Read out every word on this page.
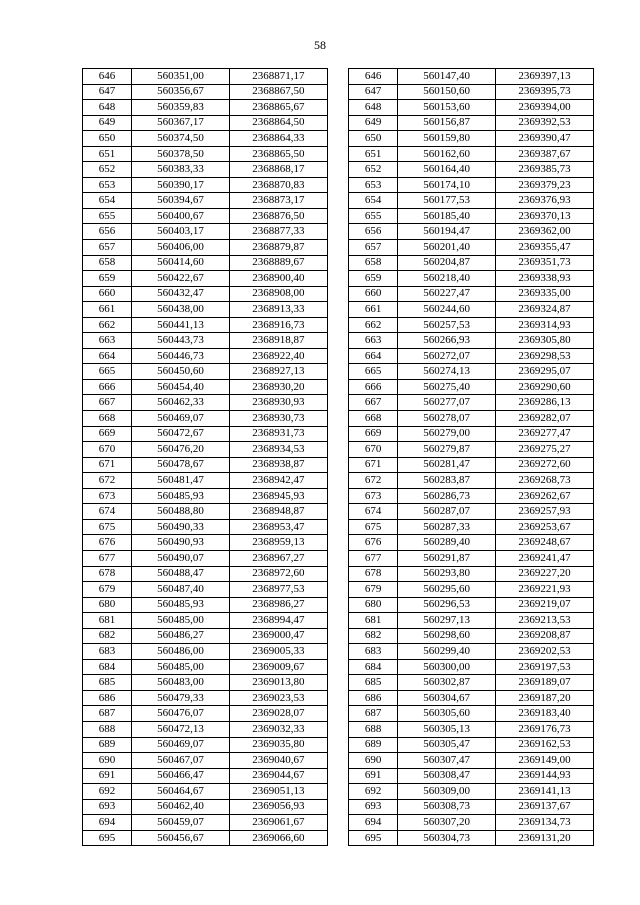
58
646	560351,00	2368871,17		646	560147,40	2369397,13
647	560356,67	2368867,50		647	560150,60	2369395,73
648	560359,83	2368865,67		648	560153,60	2369394,00
649	560367,17	2368864,50		649	560156,87	2369392,53
650	560374,50	2368864,33		650	560159,80	2369390,47
651	560378,50	2368865,50		651	560162,60	2369387,67
652	560383,33	2368868,17		652	560164,40	2369385,73
653	560390,17	2368870,83		653	560174,10	2369379,23
654	560394,67	2368873,17		654	560177,53	2369376,93
655	560400,67	2368876,50		655	560185,40	2369370,13
656	560403,17	2368877,33		656	560194,47	2369362,00
657	560406,00	2368879,87		657	560201,40	2369355,47
658	560414,60	2368889,67		658	560204,87	2369351,73
659	560422,67	2368900,40		659	560218,40	2369338,93
660	560432,47	2368908,00		660	560227,47	2369335,00
661	560438,00	2368913,33		661	560244,60	2369324,87
662	560441,13	2368916,73		662	560257,53	2369314,93
663	560443,73	2368918,87		663	560266,93	2369305,80
664	560446,73	2368922,40		664	560272,07	2369298,53
665	560450,60	2368927,13		665	560274,13	2369295,07
666	560454,40	2368930,20		666	560275,40	2369290,60
667	560462,33	2368930,93		667	560277,07	2369286,13
668	560469,07	2368930,73		668	560278,07	2369282,07
669	560472,67	2368931,73		669	560279,00	2369277,47
670	560476,20	2368934,53		670	560279,87	2369275,27
671	560478,67	2368938,87		671	560281,47	2369272,60
672	560481,47	2368942,47		672	560283,87	2369268,73
673	560485,93	2368945,93		673	560286,73	2369262,67
674	560488,80	2368948,87		674	560287,07	2369257,93
675	560490,33	2368953,47		675	560287,33	2369253,67
676	560490,93	2368959,13		676	560289,40	2369248,67
677	560490,07	2368967,27		677	560291,87	2369241,47
678	560488,47	2368972,60		678	560293,80	2369227,20
679	560487,40	2368977,53		679	560295,60	2369221,93
680	560485,93	2368986,27		680	560296,53	2369219,07
681	560485,00	2368994,47		681	560297,13	2369213,53
682	560486,27	2369000,47		682	560298,60	2369208,87
683	560486,00	2369005,33		683	560299,40	2369202,53
684	560485,00	2369009,67		684	560300,00	2369197,53
685	560483,00	2369013,80		685	560302,87	2369189,07
686	560479,33	2369023,53		686	560304,67	2369187,20
687	560476,07	2369028,07		687	560305,60	2369183,40
688	560472,13	2369032,33		688	560305,13	2369176,73
689	560469,07	2369035,80		689	560305,47	2369162,53
690	560467,07	2369040,67		690	560307,47	2369149,00
691	560466,47	2369044,67		691	560308,47	2369144,93
692	560464,67	2369051,13		692	560309,00	2369141,13
693	560462,40	2369056,93		693	560308,73	2369137,67
694	560459,07	2369061,67		694	560307,20	2369134,73
695	560456,67	2369066,60		695	560304,73	2369131,20
